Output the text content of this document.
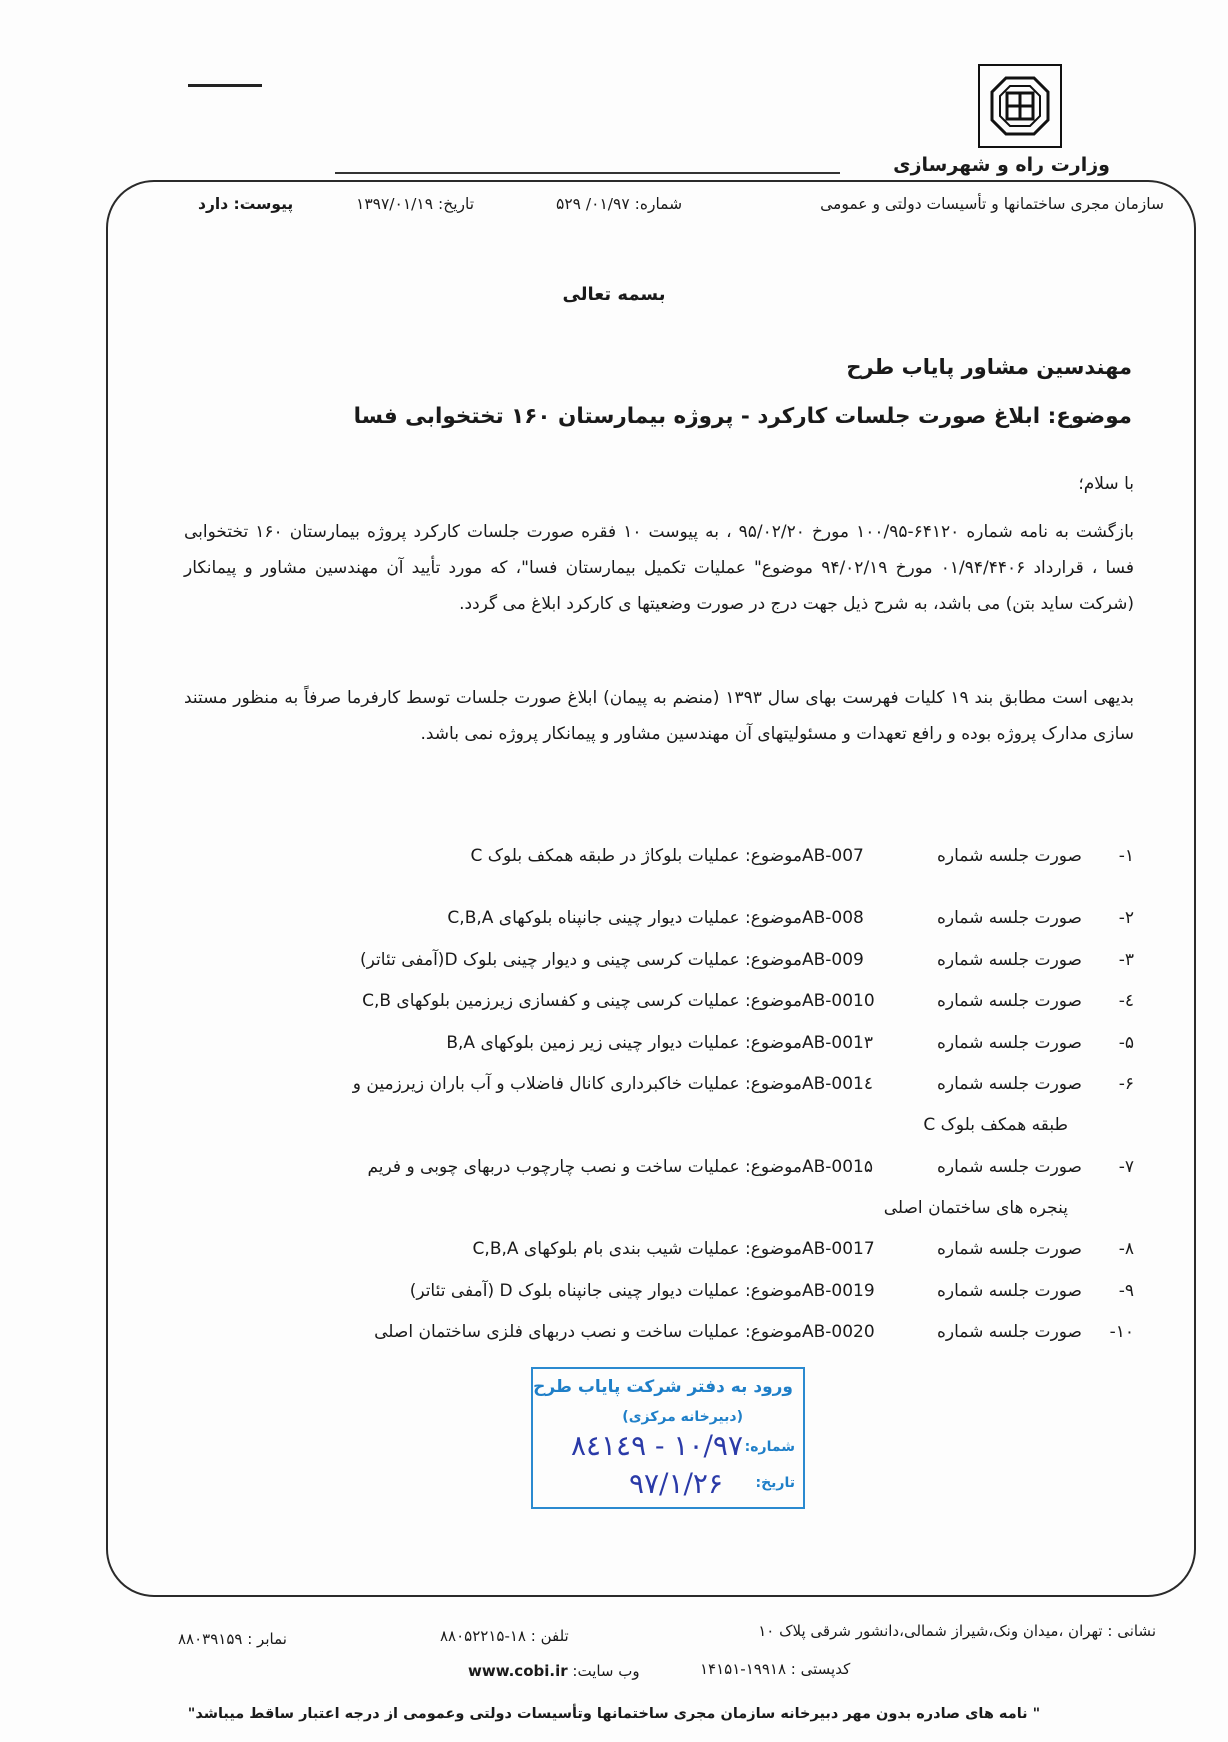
وزارت راه و شهرسازی
سازمان مجری ساختمانها و تأسیسات دولتی و عمومی
شماره: ۰۱/۹۷/ ۵۲۹
تاریخ: ۱۳۹۷/۰۱/۱۹
پیوست: دارد
بسمه تعالی
مهندسین مشاور پایاب طرح
موضوع: ابلاغ صورت جلسات کارکرد - پروژه بیمارستان ۱۶۰ تختخوابی فسا
با سلام؛
بازگشت به نامه شماره ۶۴۱۲۰-۱۰۰/۹۵ مورخ ۹۵/۰۲/۲۰ ، به پیوست ۱۰ فقره صورت جلسات کارکرد پروژه بیمارستان ۱۶۰ تختخوابی فسا ، قرارداد ۰۱/۹۴/۴۴۰۶ مورخ ۹۴/۰۲/۱۹ موضوع" عملیات تکمیل بیمارستان فسا"، که مورد تأیید آن مهندسین مشاور و پیمانکار (شرکت ساید بتن) می باشد، به شرح ذیل جهت درج در صورت وضعیتها ی کارکرد ابلاغ می گردد.
بدیهی است مطابق بند ۱۹ کلیات فهرست بهای سال ۱۳۹۳ (منضم به پیمان) ابلاغ صورت جلسات توسط کارفرما صرفاً به منظور مستند سازی مدارک پروژه بوده و رافع تعهدات و مسئولیتهای آن مهندسین مشاور و پیمانکار پروژه نمی باشد.
۱-صورت جلسه شمارهAB-007موضوع: عملیات بلوکاژ در طبقه همکف بلوک C
۲-صورت جلسه شمارهAB-008موضوع: عملیات دیوار چینی جانپناه بلوکهای C,B,A
۳-صورت جلسه شمارهAB-009موضوع: عملیات کرسی چینی و دیوار چینی بلوک D(آمفی تئاتر)
٤-صورت جلسه شمارهAB-0010موضوع: عملیات کرسی چینی و کفسازی زیرزمین بلوکهای C,B
۵-صورت جلسه شمارهAB-001۳موضوع: عملیات دیوار چینی زیر زمین بلوکهای B,A
۶-صورت جلسه شمارهAB-001٤موضوع: عملیات خاکبرداری کانال فاضلاب و آب باران زیرزمین و
طبقه همکف بلوک C
۷-صورت جلسه شمارهAB-001۵موضوع: عملیات ساخت و نصب چارچوب دربهای چوبی و فریم
پنجره های ساختمان اصلی
۸-صورت جلسه شمارهAB-0017موضوع: عملیات شیب بندی بام بلوکهای C,B,A
۹-صورت جلسه شمارهAB-0019موضوع: عملیات دیوار چینی جانپناه بلوک D (آمفی تئاتر)
۱۰-صورت جلسه شمارهAB-0020موضوع: عملیات ساخت و نصب دربهای فلزی ساختمان اصلی
ورود به دفتر شرکت پایاب طرح
(دبیرخانه مرکزی)
شماره:
۱۰/۹۷ - ۸٤۱٤۹
تاریخ:
۹۷/۱/۲۶
نشانی : تهران ،میدان ونک،شیراز شمالی،دانشور شرقی پلاک ۱۰
تلفن : ۱۸-۸۸۰۵۲۲۱۵
نمابر : ۸۸۰۳۹۱۵۹
کدپستی : ۱۹۹۱۸-۱۴۱۵۱
www.cobi.ir وب سایت:
" نامه های صادره بدون مهر دبیرخانه سازمان مجری ساختمانها وتأسیسات دولتی وعمومی از درجه اعتبار ساقط میباشد"
